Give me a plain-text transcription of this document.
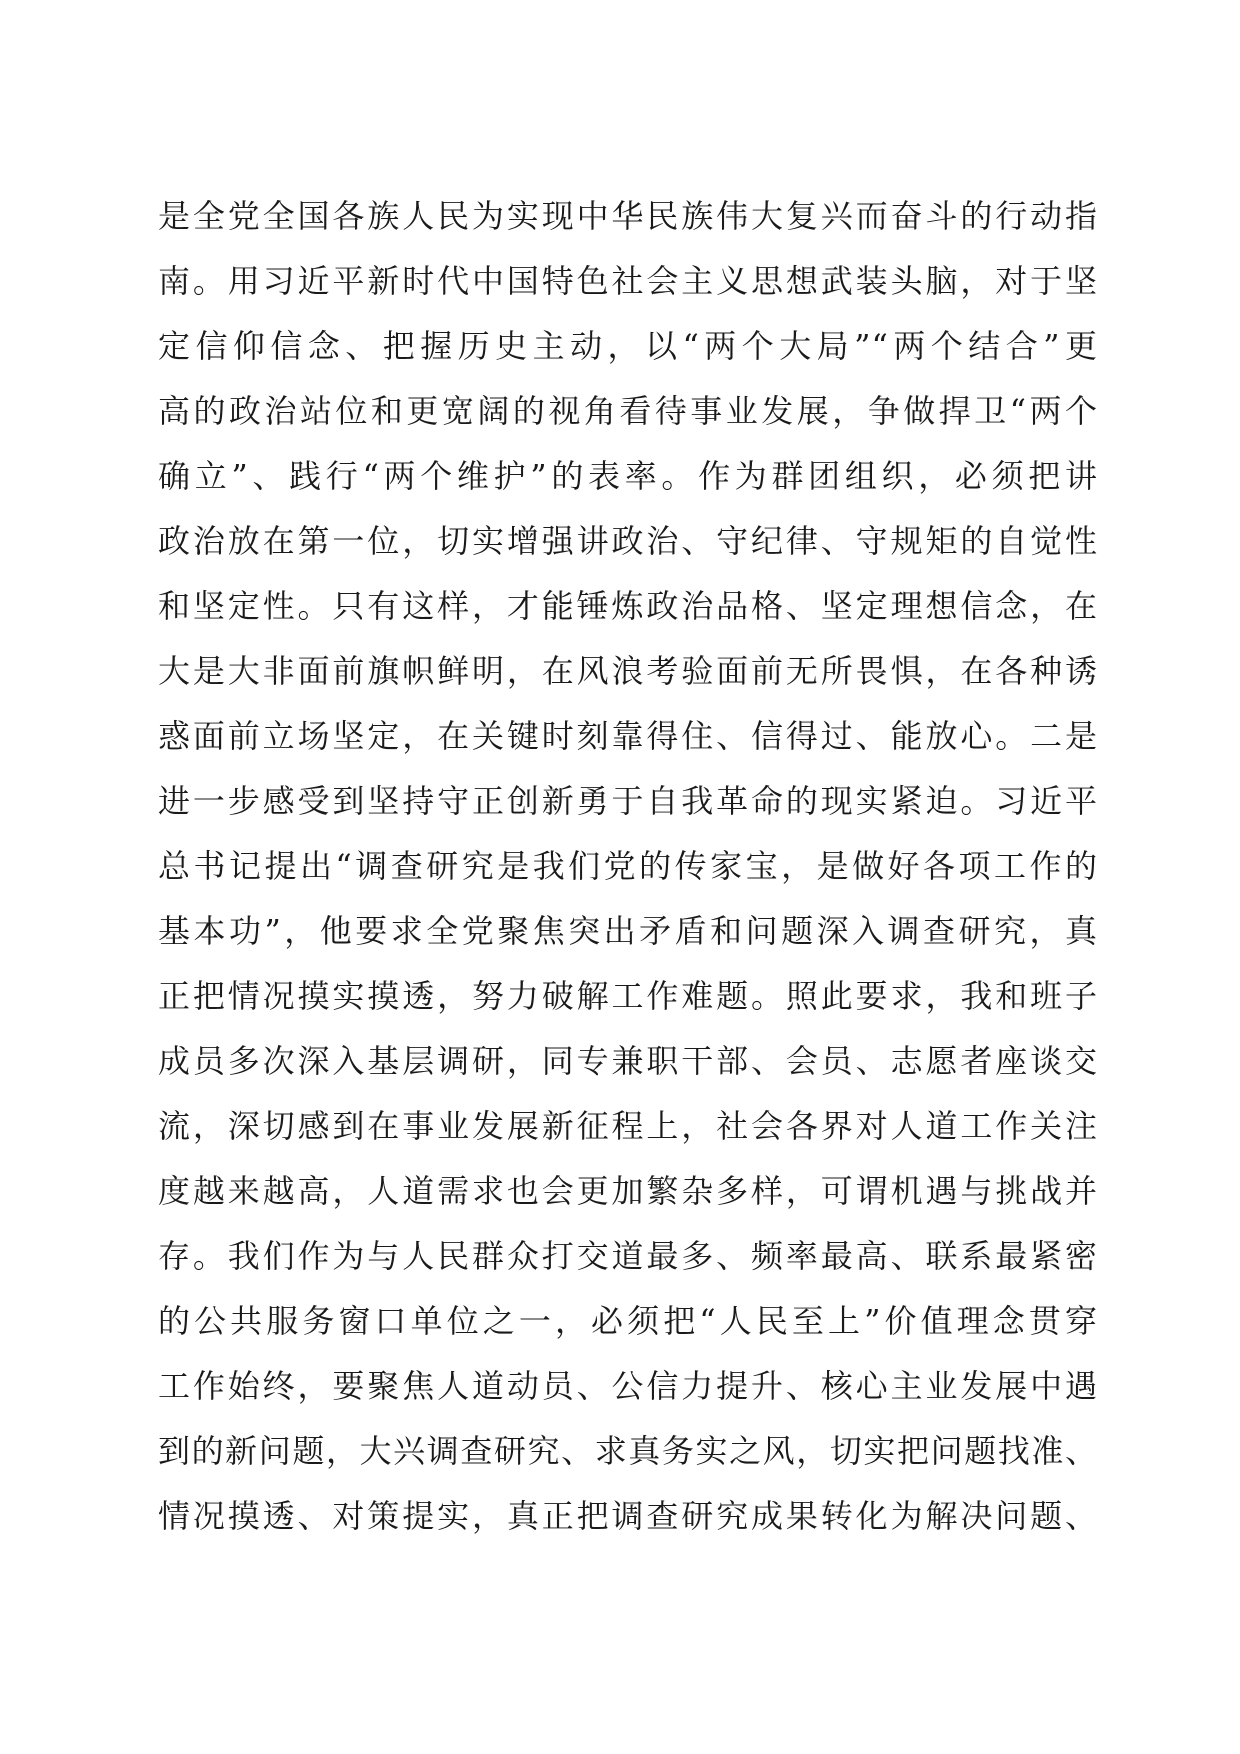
是全党全国各族人民为实现中华民族伟大复兴而奋斗的行动指
南。用习近平新时代中国特色社会主义思想武装头脑，对于坚
定信仰信念、把握历史主动，以“两个大局”“两个结合”更
高的政治站位和更宽阔的视角看待事业发展，争做捍卫“两个
确立”、践行“两个维护”的表率。作为群团组织，必须把讲
政治放在第一位，切实增强讲政治、守纪律、守规矩的自觉性
和坚定性。只有这样，才能锤炼政治品格、坚定理想信念，在
大是大非面前旗帜鲜明，在风浪考验面前无所畏惧，在各种诱
惑面前立场坚定，在关键时刻靠得住、信得过、能放心。二是
进一步感受到坚持守正创新勇于自我革命的现实紧迫。习近平
总书记提出“调查研究是我们党的传家宝，是做好各项工作的
基本功”，他要求全党聚焦突出矛盾和问题深入调查研究，真
正把情况摸实摸透，努力破解工作难题。照此要求，我和班子
成员多次深入基层调研，同专兼职干部、会员、志愿者座谈交
流，深切感到在事业发展新征程上，社会各界对人道工作关注
度越来越高，人道需求也会更加繁杂多样，可谓机遇与挑战并
存。我们作为与人民群众打交道最多、频率最高、联系最紧密
的公共服务窗口单位之一，必须把“人民至上”价值理念贯穿
工作始终，要聚焦人道动员、公信力提升、核心主业发展中遇
到的新问题，大兴调查研究、求真务实之风，切实把问题找准、
情况摸透、对策提实，真正把调查研究成果转化为解决问题、
